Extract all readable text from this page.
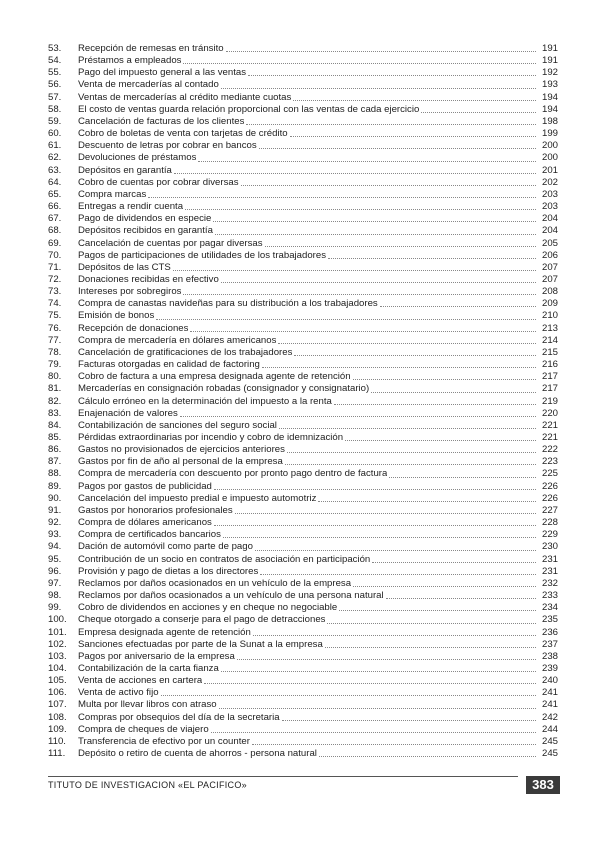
53.	Recepción de remesas en tránsito	191
54.	Préstamos a empleados	191
55.	Pago del impuesto general a las ventas	192
56.	Venta de mercaderías al contado	193
57.	Ventas de mercaderías al crédito mediante cuotas	194
58.	El costo de ventas guarda relación proporcional con las ventas de cada ejercicio	194
59.	Cancelación de facturas de los clientes	198
60.	Cobro de boletas de venta con tarjetas de crédito	199
61.	Descuento de letras por cobrar en bancos	200
62.	Devoluciones de préstamos	200
63.	Depósitos en garantía	201
64.	Cobro de cuentas por cobrar diversas	202
65.	Compra marcas	203
66.	Entregas a rendir cuenta	203
67.	Pago de dividendos en especie	204
68.	Depósitos recibidos en garantía	204
69.	Cancelación de cuentas por pagar diversas	205
70.	Pagos de participaciones de utilidades de los trabajadores	206
71.	Depósitos de las CTS	207
72.	Donaciones recibidas en efectivo	207
73.	Intereses por sobregiros	208
74.	Compra de canastas navideñas para su distribución a los trabajadores	209
75.	Emisión de bonos	210
76.	Recepción de donaciones	213
77.	Compra de mercadería en dólares americanos	214
78.	Cancelación de gratificaciones de los trabajadores	215
79.	Facturas otorgadas en calidad de factoring	216
80.	Cobro de factura a una empresa designada agente de retención	217
81.	Mercaderías en consignación robadas (consignador y consignatario)	217
82.	Cálculo erróneo en la determinación del impuesto a la renta	219
83.	Enajenación de valores	220
84.	Contabilización de sanciones del seguro social	221
85.	Pérdidas extraordinarias por incendio y cobro de idemnización	221
86.	Gastos no provisionados de ejercicios anteriores	222
87.	Gastos por fin de año al personal de la empresa	223
88.	Compra de mercadería con descuento por pronto pago dentro de factura	225
89.	Pagos por gastos de publicidad	226
90.	Cancelación del impuesto predial e impuesto automotriz	226
91.	Gastos por honorarios profesionales	227
92.	Compra de dólares americanos	228
93.	Compra de certificados bancarios	229
94.	Dación de automóvil como parte de pago	230
95.	Contribución de un socio en contratos de asociación en participación	231
96.	Provisión y pago de dietas a los directores	231
97.	Reclamos por daños ocasionados en un vehículo de la empresa	232
98.	Reclamos por daños ocasionados a un vehículo de una persona natural	233
99.	Cobro de dividendos en acciones y en cheque no negociable	234
100.	Cheque otorgado a conserje para el pago de detracciones	235
101.	Empresa designada agente de retención	236
102.	Sanciones efectuadas por parte de la Sunat a la empresa	237
103.	Pagos por aniversario de la empresa	238
104.	Contabilización de la carta fianza	239
105.	Venta de acciones en cartera	240
106.	Venta de activo fijo	241
107.	Multa por llevar libros con atraso	241
108.	Compras por obsequios del día de la secretaria	242
109.	Compra de cheques de viajero	244
110.	Transferencia de efectivo por un counter	245
111.	Depósito o retiro de cuenta de ahorros - persona natural	245
TITUTO DE INVESTIGACION «EL PACIFICO»	383
